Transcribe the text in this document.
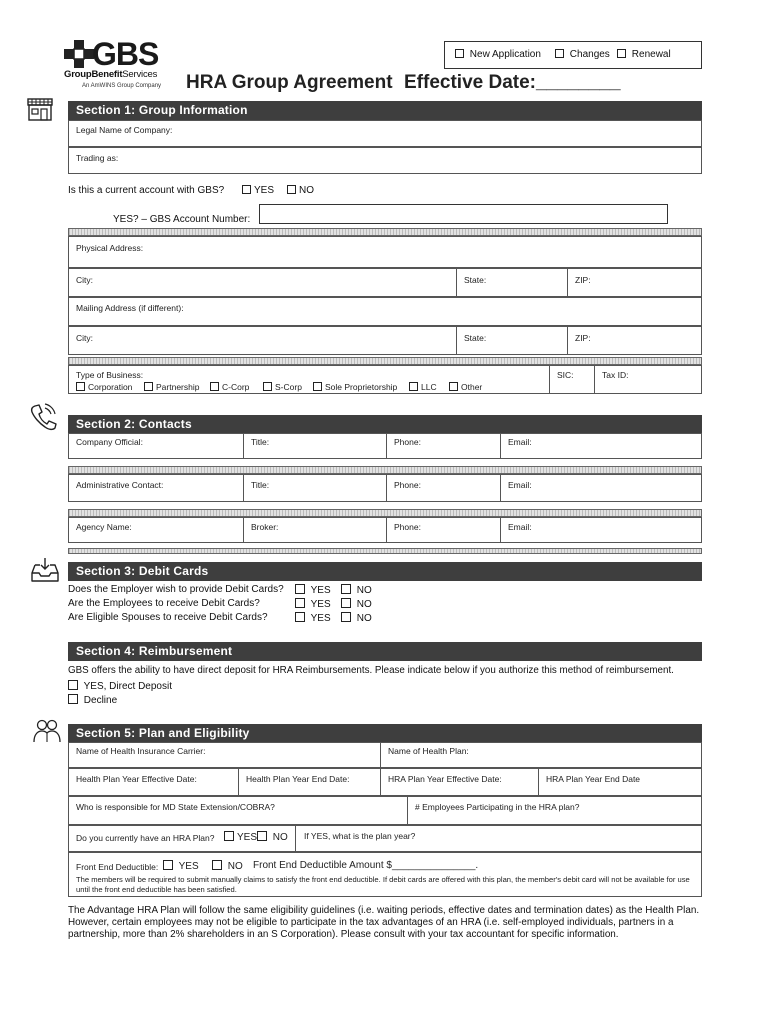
GBS
GroupBenefitServices
An AmWINS Group Company
New Application	Changes	Renewal
HRA Group Agreement Effective Date:________
Section 1: Group Information
Legal Name of Company:
Trading as:
Is this a current account with GBS?	YES	NO
YES? – GBS Account Number:
Physical Address:
City:	State:	ZIP:
Mailing Address (if different):
City:	State:	ZIP:
Type of Business:
Corporation	Partnership	C-Corp	S-Corp	Sole Proprietorship	LLC	Other
SIC:	Tax ID:
Section 2: Contacts
Company Official:	Title:	Phone:	Email:
Administrative Contact:	Title:	Phone:	Email:
Agency Name:	Broker:	Phone:	Email:
Section 3: Debit Cards
Does the Employer wish to provide Debit Cards?	YES	NO
Are the Employees to receive Debit Cards?	YES	NO
Are Eligible Spouses to receive Debit Cards?	YES	NO
Section 4: Reimbursement
GBS offers the ability to have direct deposit for HRA Reimbursements. Please indicate below if you authorize this method of reimbursement.
YES, Direct Deposit
Decline
Section 5: Plan and Eligibility
Name of Health Insurance Carrier:	Name of Health Plan:
Health Plan Year Effective Date:	Health Plan Year End Date:	HRA Plan Year Effective Date:	HRA Plan Year End Date
Who is responsible for MD State Extension/COBRA?	# Employees Participating in the HRA plan?
Do you currently have an HRA Plan?	YES	NO If YES, what is the plan year?
Front End Deductible:	YES	NO Front End Deductible Amount $_______________.
The members will be required to submit manually claims to satisfy the front end deductible. If debit cards are offered with this plan, the member's debit card will not be available for use until the front end deductible has been satisfied.
The Advantage HRA Plan will follow the same eligibility guidelines (i.e. waiting periods, effective dates and termination dates) as the Health Plan. However, certain employees may not be eligible to participate in the tax advantages of an HRA (i.e. self-employed individuals, partners in a partnership, more than 2% shareholders in an S Corporation). Please consult with your tax accountant for specific information.
